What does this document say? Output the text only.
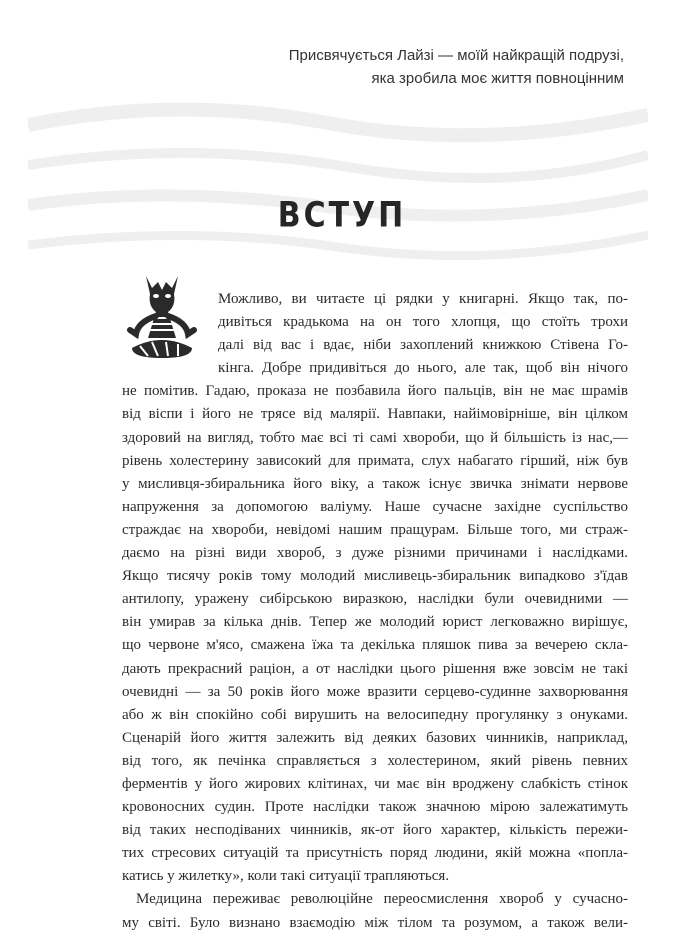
Присвячується Лайзі — моїй найкращій подрузі,
яка зробила моє життя повноцінним
ВСТУП
Можливо, ви читаєте ці рядки у книгарні. Якщо так, по-
дивіться крадькома на он того хлопця, що стоїть трохи
далі від вас і вдає, ніби захоплений книжкою Стівена Го-
кінга. Добре придивіться до нього, але так, щоб він нічого
не помітив. Гадаю, проказа не позбавила його пальців, він не має шрамів
від віспи і його не трясе від малярії. Навпаки, найімовірніше, він цілком
здоровий на вигляд, тобто має всі ті самі хвороби, що й більшість із нас,—
рівень холестерину зависокий для примата, слух набагато гірший, ніж був
у мисливця-збиральника його віку, а також існує звичка знімати нервове
напруження за допомогою валіуму. Наше сучасне західне суспільство
страждає на хвороби, невідомі нашим пращурам. Більше того, ми страж-
даємо на різні види хвороб, з дуже різними причинами і наслідками.
Якщо тисячу років тому молодий мисливець-збиральник випадково з'їдав
антилопу, уражену сибірською виразкою, наслідки були очевидними —
він умирав за кілька днів. Тепер же молодий юрист легковажно вирішує,
що червоне м'ясо, смажена їжа та декілька пляшок пива за вечерею скла-
дають прекрасний раціон, а от наслідки цього рішення вже зовсім не такі
очевидні — за 50 років його може вразити серцево-судинне захворювання
або ж він спокійно собі вирушить на велосипедну прогулянку з онуками.
Сценарій його життя залежить від деяких базових чинників, наприклад,
від того, як печінка справляється з холестерином, який рівень певних
ферментів у його жирових клітинах, чи має він вроджену слабкість стінок
кровоносних судин. Проте наслідки також значною мірою залежатимуть
від таких несподіваних чинників, як-от його характер, кількість пережи-
тих стресових ситуацій та присутність поряд людини, якій можна «попла-
катись у жилетку», коли такі ситуації трапляються.
Медицина переживає революційне переосмислення хвороб у сучасно-
му світі. Було визнано взаємодію між тілом та розумом, а також вели-
